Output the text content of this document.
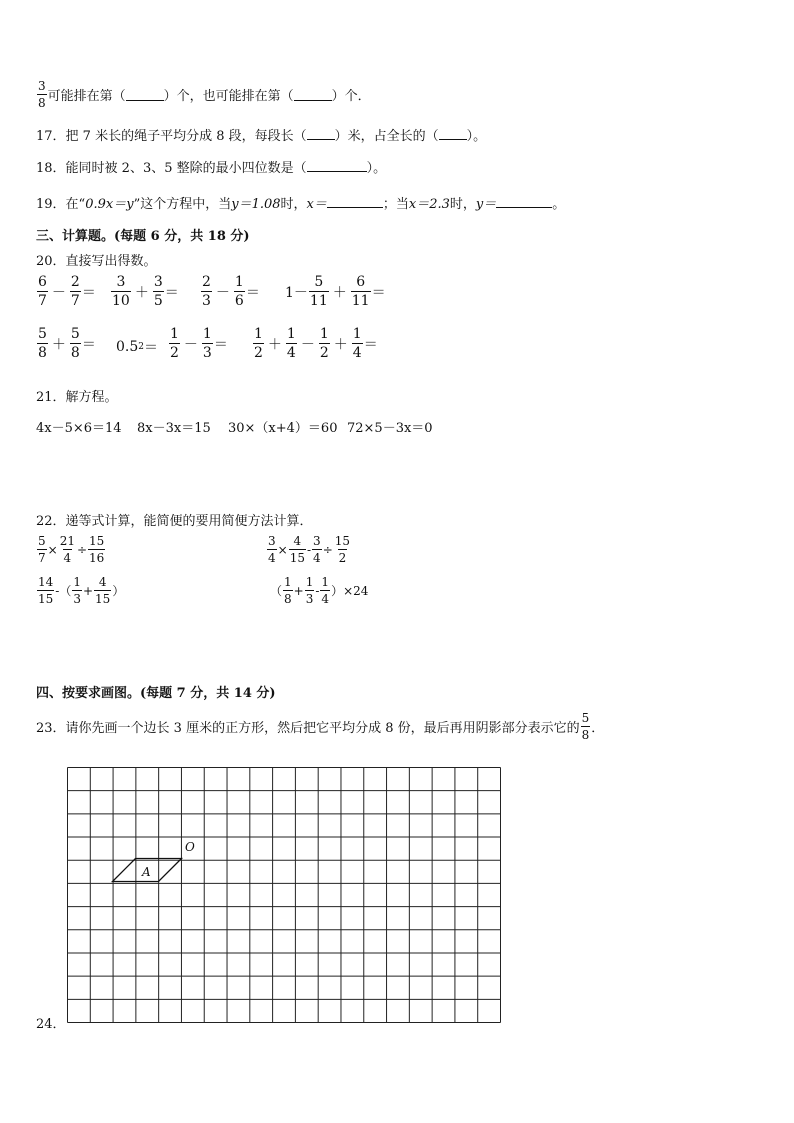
$\frac{3}{8}$ 可能排在第（	）个，也可能排在第（	）个．
17．把 7 米长的绳子平均分成 8 段，每段长（ ）米，占全长的（ ）。
18．能同时被 2、3、5 整除的最小四位数是（	）。
19．在“0.9x＝y”这个方程中，当y＝1.08时，x＝	；当x＝2.3时，y＝	。
三、计算题。(每题 6 分，共 18 分)
20．直接写出得数。
$\frac{6}{7} - \frac{2}{7} = \frac{3}{10} + \frac{3}{5} = \frac{2}{3} - \frac{1}{6} = 1- \frac{5}{11} + \frac{6}{11}$ ＝
$\frac{5}{8} + \frac{5}{8} = 0.5$ $2 = \frac{1}{2} - \frac{1}{3} = \frac{1}{2} + \frac{1}{4} - \frac{1}{2} + \frac{1}{4}$ ＝
21．解方程。
4x－5×6＝14 8x－3x＝15 30×（x+4）＝60 72×5－3x＝0
22．递等式计算，能简便的要用简便方法计算．
$\frac{5}{7} \times \frac{21}{4} \div \frac{15}{16}$	$\frac{3}{4} \times \frac{4}{15} - \frac{3}{4} \div \frac{15}{2}$
$\frac{14}{15}$ -（ $\frac{1}{3} + \frac{4}{15}$ ）	（ $\frac{1}{8} + \frac{1}{3} - \frac{1}{4} )\times 24$
四、按要求画图。(每题 7 分，共 14 分)
23．请你先画一个边长 3 厘米的正方形，然后把它平均分成 8 份，最后再用阴影部分表示它的 $\frac{5}{8}$ ．
24．
A
O
